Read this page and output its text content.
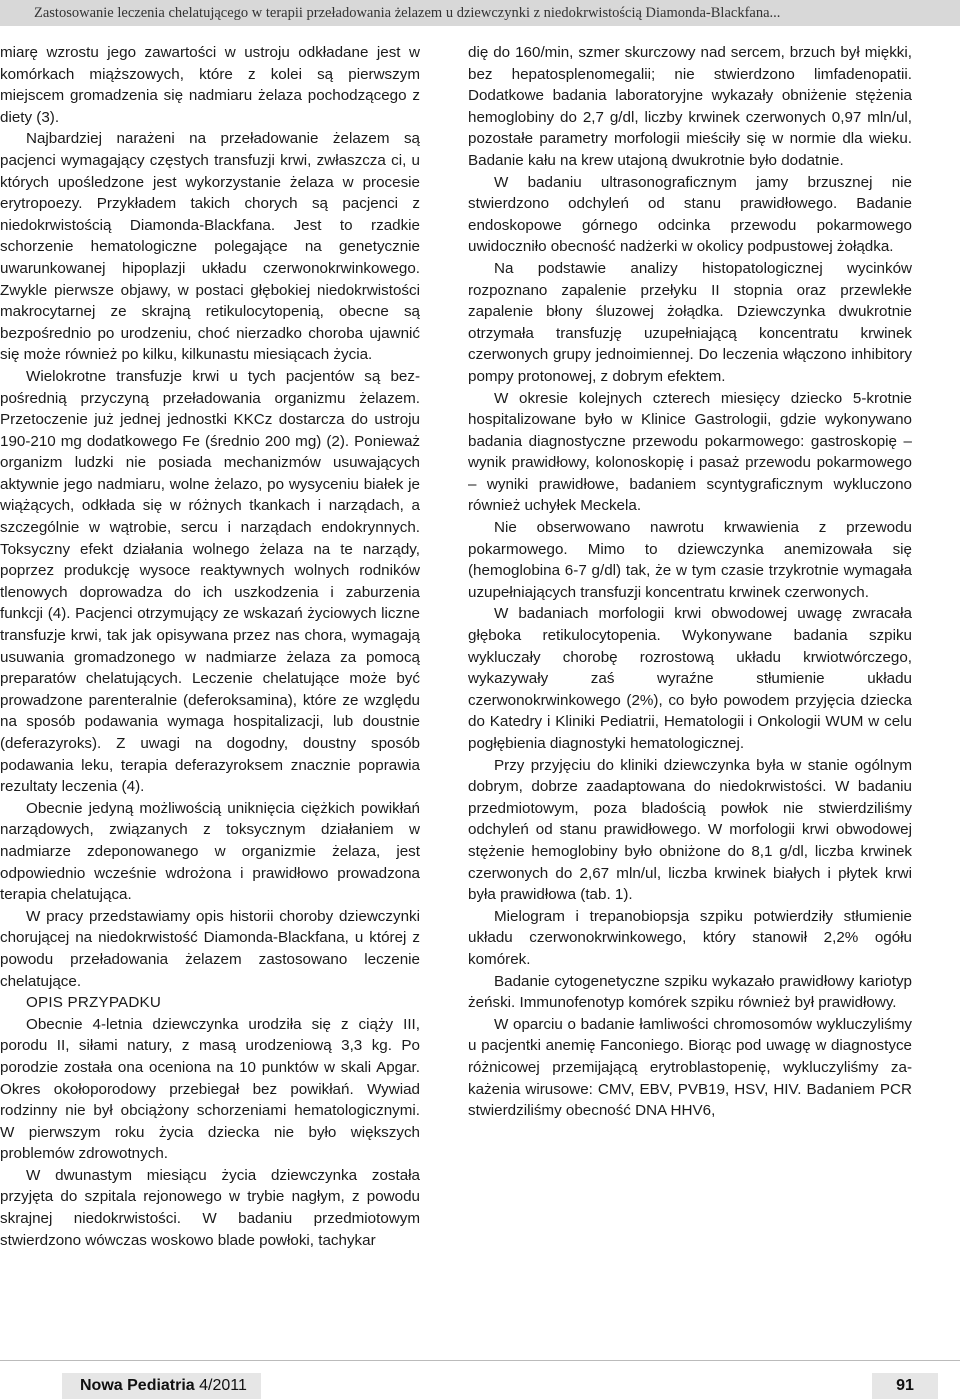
Zastosowanie leczenia chelatującego w terapii przeładowania żelazem u dziewczynki z niedokrwistością Diamonda-Blackfana...

miarę wzrostu jego zawartości w ustroju odkładane jest w komórkach miąższowych, które z kolei są pierwszym miejscem gromadzenia się nadmiaru żelaza pochodzącego z diety (3).

Najbardziej narażeni na przeładowanie żelazem są pacjenci wymagający częstych transfuzji krwi, zwłaszcza ci, u których upośledzone jest wykorzystanie żelaza w procesie erytropoezy. Przykładem takich chorych są pacjenci z niedokrwistością Diamonda-Blackfana. Jest to rzadkie schorzenie hematologiczne polegające na genetycznie uwarunkowanej hipoplazji układu czerwonokrwinkowego. Zwykle pierwsze objawy, w postaci głębokiej niedokrwistości makrocytarnej ze skrajną retikulocytopenią, obecne są bezpośrednio po urodzeniu, choć nierzadko choroba ujawnić się może również po kilku, kilkunastu miesiącach życia.

Wielokrotne transfuzje krwi u tych pacjentów są bezpośrednią przyczyną przeładowania organizmu żelazem. Przetoczenie już jednej jednostki KKCz dostarcza do ustroju 190-210 mg dodatkowego Fe (średnio 200 mg) (2). Ponieważ organizm ludzki nie posiada mechanizmów usuwających aktywnie jego nadmiaru, wolne żelazo, po wysyceniu białek je wiążących, odkłada się w różnych tkankach i narządach, a szczególnie w wątrobie, sercu i narządach endokrynnych. Toksyczny efekt działania wolnego żelaza na te narządy, poprzez produkcję wysoce reaktywnych wolnych rodników tlenowych doprowadza do ich uszkodzenia i zaburzenia funkcji (4). Pacjenci otrzymujący ze wskazań życiowych liczne transfuzje krwi, tak jak opisywana przez nas chora, wymagają usuwania gromadzonego w nadmiarze żelaza za pomocą preparatów chelatujących. Leczenie chelatujące może być prowadzone parenteralnie (deferoksamina), które ze względu na sposób podawania wymaga hospitalizacji, lub doustnie (deferazyroks). Z uwagi na dogodny, doustny sposób podawania leku, terapia deferazyroksem znacznie poprawia rezultaty leczenia (4).

Obecnie jedyną możliwością uniknięcia ciężkich powikłań narządowych, związanych z toksycznym działaniem w nadmiarze zdeponowanego w organizmie żelaza, jest odpowiednio wcześnie wdrożona i prawidłowo prowadzona terapia chelatująca.

W pracy przedstawiamy opis historii choroby dziewczynki chorującej na niedokrwistość Diamonda-Blackfana, u której z powodu przeładowania żelazem zastosowano leczenie chelatujące.

OPIS PRZYPADKU

Obecnie 4-letnia dziewczynka urodziła się z ciąży III, porodu II, siłami natury, z masą urodzeniową 3,3 kg. Po porodzie została ona oceniona na 10 punktów w skali Apgar. Okres okołoporodowy przebiegał bez powikłań. Wywiad rodzinny nie był obciążony schorzeniami hematologicznymi. W pierwszym roku życia dziecka nie było większych problemów zdrowotnych.

W dwunastym miesiącu życia dziewczynka została przyjęta do szpitala rejonowego w trybie nagłym, z powodu skrajnej niedokrwistości. W badaniu przedmiotowym stwierdzono wówczas woskowo blade powłoki, tachykar

dię do 160/min, szmer skurczowy nad sercem, brzuch był miękki, bez hepatosplenomegalii; nie stwierdzono limfadenopatii. Dodatkowe badania laboratoryjne wykazały obniżenie stężenia hemoglobiny do 2,7 g/dl, liczby krwinek czerwonych 0,97 mln/ul, pozostałe parametry morfologii mieściły się w normie dla wieku. Badanie kału na krew utajoną dwukrotnie było dodatnie.

W badaniu ultrasonograficznym jamy brzusznej nie stwierdzono odchyleń od stanu prawidłowego. Badanie endoskopowe górnego odcinka przewodu pokarmowego uwidoczniło obecność nadżerki w okolicy podpustowej żołądka.

Na podstawie analizy histopatologicznej wycinków rozpoznano zapalenie przełyku II stopnia oraz przewlekłe zapalenie błony śluzowej żołądka. Dziewczynka dwukrotnie otrzymała transfuzję uzupełniającą koncentratu krwinek czerwonych grupy jednoimiennej. Do leczenia włączono inhibitory pompy protonowej, z dobrym efektem.

W okresie kolejnych czterech miesięcy dziecko 5-krotnie hospitalizowane było w Klinice Gastrologii, gdzie wykonywano badania diagnostyczne przewodu pokarmowego: gastroskopię – wynik prawidłowy, kolonoskopię i pasaż przewodu pokarmowego – wyniki prawidłowe, badaniem scyntygraficznym wykluczono również uchyłek Meckela.

Nie obserwowano nawrotu krwawienia z przewodu pokarmowego. Mimo to dziewczynka anemizowała się (hemoglobina 6-7 g/dl) tak, że w tym czasie trzykrotnie wymagała uzupełniających transfuzji koncentratu krwinek czerwonych.

W badaniach morfologii krwi obwodowej uwagę zwracała głęboka retikulocytopenia. Wykonywane badania szpiku wykluczały chorobę rozrostową układu krwiotwórczego, wykazywały zaś wyraźne stłumienie układu czerwonokrwinkowego (2%), co było powodem przyjęcia dziecka do Katedry i Kliniki Pediatrii, Hematologii i Onkologii WUM w celu pogłębienia diagnostyki hematologicznej.

Przy przyjęciu do kliniki dziewczynka była w stanie ogólnym dobrym, dobrze zaadaptowana do niedokrwistości. W badaniu przedmiotowym, poza bladością powłok nie stwierdziliśmy odchyleń od stanu prawidłowego. W morfologii krwi obwodowej stężenie hemoglobiny było obniżone do 8,1 g/dl, liczba krwinek czerwonych do 2,67 mln/ul, liczba krwinek białych i płytek krwi była prawidłowa (tab. 1).

Mielogram i trepanobiopsja szpiku potwierdziły stłumienie układu czerwonokrwinkowego, który stanowił 2,2% ogółu komórek.

Badanie cytogenetyczne szpiku wykazało prawidłowy kariotyp żeński. Immunofenotyp komórek szpiku również był prawidłowy.

W oparciu o badanie łamliwości chromosomów wykluczyliśmy u pacjentki anemię Fanconiego. Biorąc pod uwagę w diagnostyce różnicowej przemijającą erytroblastopenię, wykluczyliśmy zakażenia wirusowe: CMV, EBV, PVB19, HSV, HIV. Badaniem PCR stwierdziliśmy obecność DNA HHV6,

Nowa Pediatria 4/2011	91
